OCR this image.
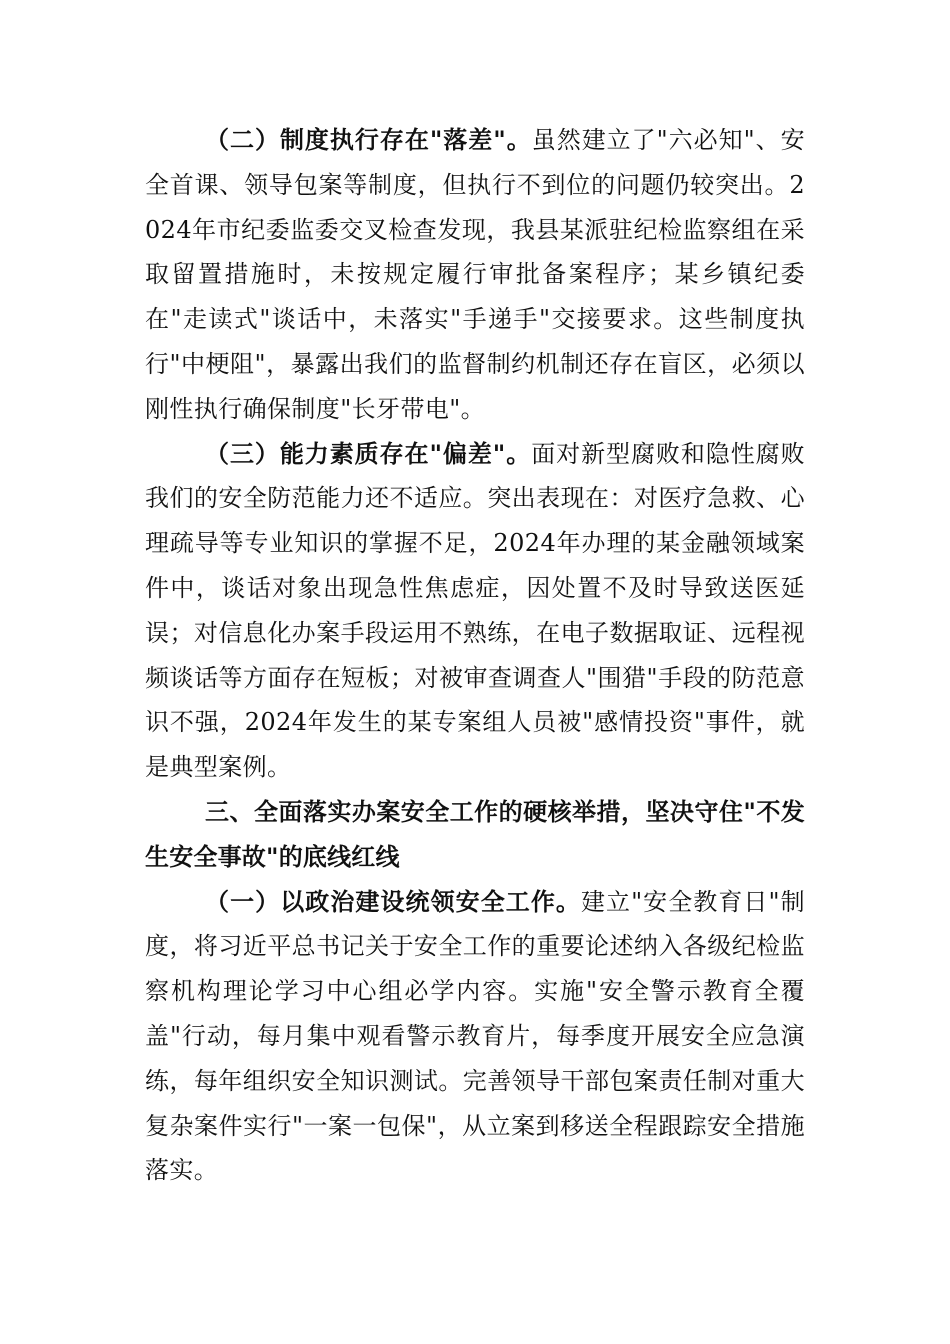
（二）制度执行存在"落差"。虽然建立了"六必知"、安全首课、领导包案等制度，但执行不到位的问题仍较突出。2024年市纪委监委交叉检查发现，我县某派驻纪检监察组在采取留置措施时，未按规定履行审批备案程序；某乡镇纪委在"走读式"谈话中，未落实"手递手"交接要求。这些制度执行"中梗阻"，暴露出我们的监督制约机制还存在盲区，必须以刚性执行确保制度"长牙带电"。

（三）能力素质存在"偏差"。面对新型腐败和隐性腐败我们的安全防范能力还不适应。突出表现在：对医疗急救、心理疏导等专业知识的掌握不足，2024年办理的某金融领域案件中，谈话对象出现急性焦虑症，因处置不及时导致送医延误；对信息化办案手段运用不熟练，在电子数据取证、远程视频谈话等方面存在短板；对被审查调查人"围猎"手段的防范意识不强，2024年发生的某专案组人员被"感情投资"事件，就是典型案例。

三、全面落实办案安全工作的硬核举措，坚决守住"不发生安全事故"的底线红线

（一）以政治建设统领安全工作。建立"安全教育日"制度，将习近平总书记关于安全工作的重要论述纳入各级纪检监察机构理论学习中心组必学内容。实施"安全警示教育全覆盖"行动，每月集中观看警示教育片，每季度开展安全应急演练，每年组织安全知识测试。完善领导干部包案责任制对重大复杂案件实行"一案一包保"，从立案到移送全程跟踪安全措施落实。
